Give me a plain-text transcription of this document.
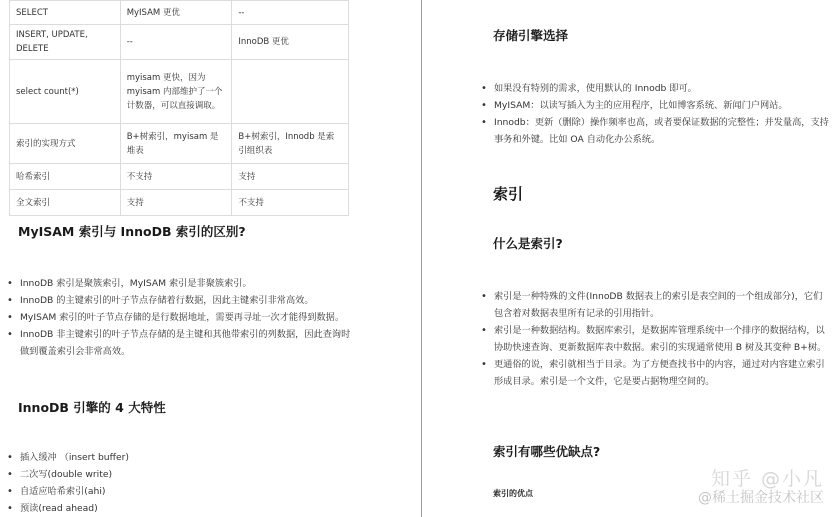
SELECT	MyISAM 更优	--
INSERT, UPDATE, DELETE	--	InnoDB 更优
select count(*)	myisam 更快，因为 myisam 内部维护了一个计数器，可以直接调取。	
索引的实现方式	B+树索引，myisam 是堆表	B+树索引，Innodb 是索引组织表
哈希索引	不支持	支持
全文索引	支持	不支持
MyISAM 索引与 InnoDB 索引的区别?
• InnoDB 索引是聚簇索引，MyISAM 索引是非聚簇索引。
• InnoDB 的主键索引的叶子节点存储着行数据，因此主键索引非常高效。
• MyISAM 索引的叶子节点存储的是行数据地址，需要再寻址一次才能得到数据。
• InnoDB 非主键索引的叶子节点存储的是主键和其他带索引的列数据，因此查询时做到覆盖索引会非常高效。
InnoDB 引擎的 4 大特性
• 插入缓冲 （insert buffer)
• 二次写(double write)
• 自适应哈希索引(ahi)
• 预读(read ahead)
存储引擎选择
• 如果没有特别的需求，使用默认的 Innodb 即可。
• MyISAM：以读写插入为主的应用程序，比如博客系统、新闻门户网站。
• Innodb：更新（删除）操作频率也高，或者要保证数据的完整性；并发量高，支持事务和外键。比如 OA 自动化办公系统。
索引
什么是索引?
• 索引是一种特殊的文件(InnoDB 数据表上的索引是表空间的一个组成部分)，它们包含着对数据表里所有记录的引用指针。
• 索引是一种数据结构。数据库索引，是数据库管理系统中一个排序的数据结构，以协助快速查询、更新数据库表中数据。索引的实现通常使用 B 树及其变种 B+树。
• 更通俗的说，索引就相当于目录。为了方便查找书中的内容，通过对内容建立索引形成目录。索引是一个文件，它是要占据物理空间的。
索引有哪些优缺点?
索引的优点
知乎 @小凡
@稀土掘金技术社区
